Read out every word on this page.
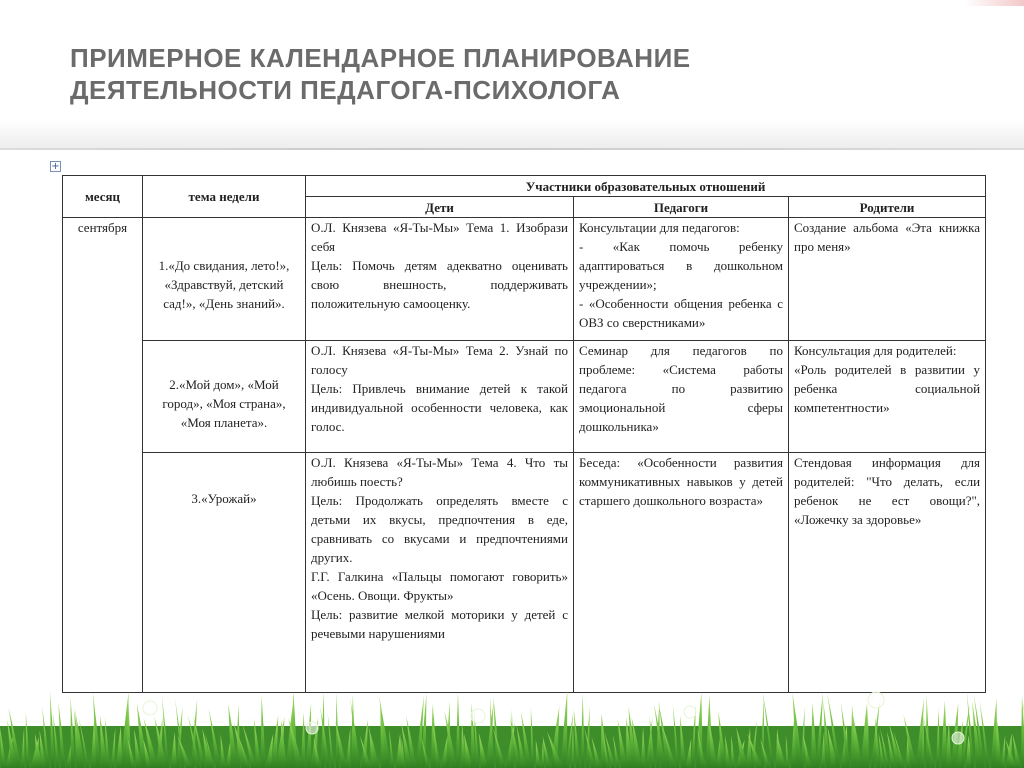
ПРИМЕРНОЕ КАЛЕНДАРНОЕ ПЛАНИРОВАНИЕ
ДЕЯТЕЛЬНОСТИ ПЕДАГОГА-ПСИХОЛОГА
+
месяц	тема недели	Участники образовательных отношений		
		Дети	Педагоги	Родители
сентября	1.«До свидания, лето!», «Здравствуй, детский сад!», «День знаний».	О.Л. Князева «Я-Ты-Мы» Тема 1. Изобрази себя
Цель: Помочь детям адекватно оценивать свою внешность, поддерживать положительную самооценку.	Консультации для педагогов:
- «Как помочь ребенку адаптироваться в дошкольном учреждении»;
- «Особенности общения ребенка с ОВЗ со сверстниками»	Создание альбома «Эта книжка про меня»

	2.«Мой дом», «Мой город», «Моя страна», «Моя планета».	О.Л. Князева «Я-Ты-Мы» Тема 2. Узнай по голосу
Цель: Привлечь внимание детей к такой индивидуальной особенности человека, как голос.	Семинар для педагогов по проблеме: «Система работы педагога по развитию эмоциональной сферы дошкольника»	Консультация для родителей:
«Роль родителей в развитии у ребенка социальной компетентности»

	3.«Урожай»	О.Л. Князева «Я-Ты-Мы» Тема 4. Что ты любишь поесть?
Цель: Продолжать определять вместе с детьми их вкусы, предпочтения в еде, сравнивать со вкусами и предпочтениями других.
Г.Г. Галкина «Пальцы помогают говорить» «Осень. Овощи. Фрукты»
Цель: развитие мелкой моторики у детей с речевыми нарушениями	Беседа: «Особенности развития коммуникативных навыков у детей старшего дошкольного возраста»	Стендовая информация для родителей: "Что делать, если ребенок не ест овощи?", «Ложечку за здоровье»
